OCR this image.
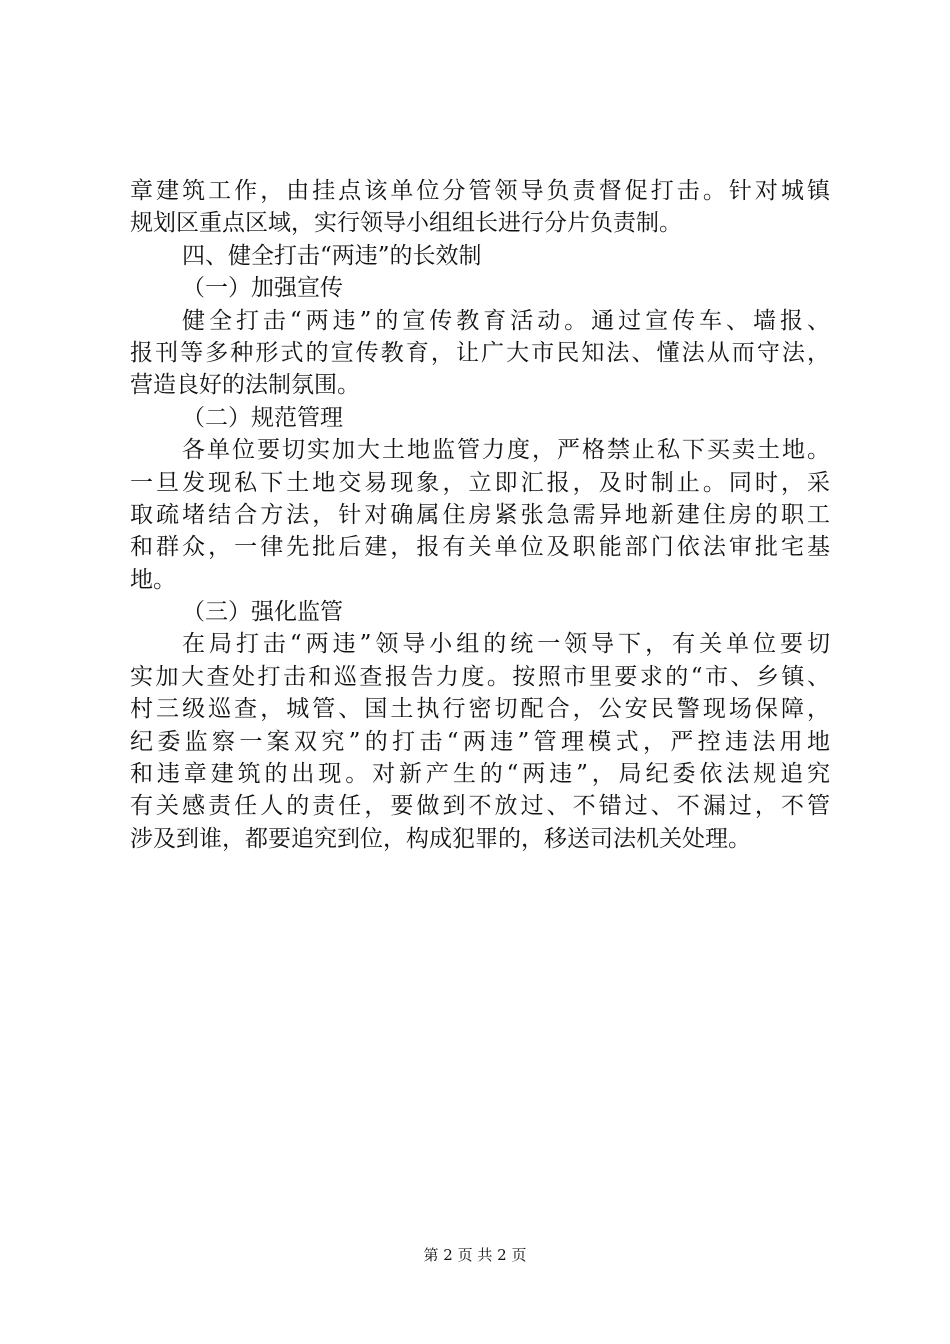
章建筑工作，由挂点该单位分管领导负责督促打击。针对城镇
规划区重点区域，实行领导小组组长进行分片负责制。
四、健全打击“两违”的长效制
（一）加强宣传
健全打击“两违”的宣传教育活动。通过宣传车、墙报、
报刊等多种形式的宣传教育，让广大市民知法、懂法从而守法，
营造良好的法制氛围。
（二）规范管理
各单位要切实加大土地监管力度，严格禁止私下买卖土地。
一旦发现私下土地交易现象，立即汇报，及时制止。同时，采
取疏堵结合方法，针对确属住房紧张急需异地新建住房的职工
和群众，一律先批后建，报有关单位及职能部门依法审批宅基
地。
（三）强化监管
在局打击“两违”领导小组的统一领导下，有关单位要切
实加大查处打击和巡查报告力度。按照市里要求的“市、乡镇、
村三级巡查，城管、国土执行密切配合，公安民警现场保障，
纪委监察一案双究”的打击“两违”管理模式，严控违法用地
和违章建筑的出现。对新产生的“两违”，局纪委依法规追究
有关感责任人的责任，要做到不放过、不错过、不漏过，不管
涉及到谁，都要追究到位，构成犯罪的，移送司法机关处理。
第 2 页 共 2 页
